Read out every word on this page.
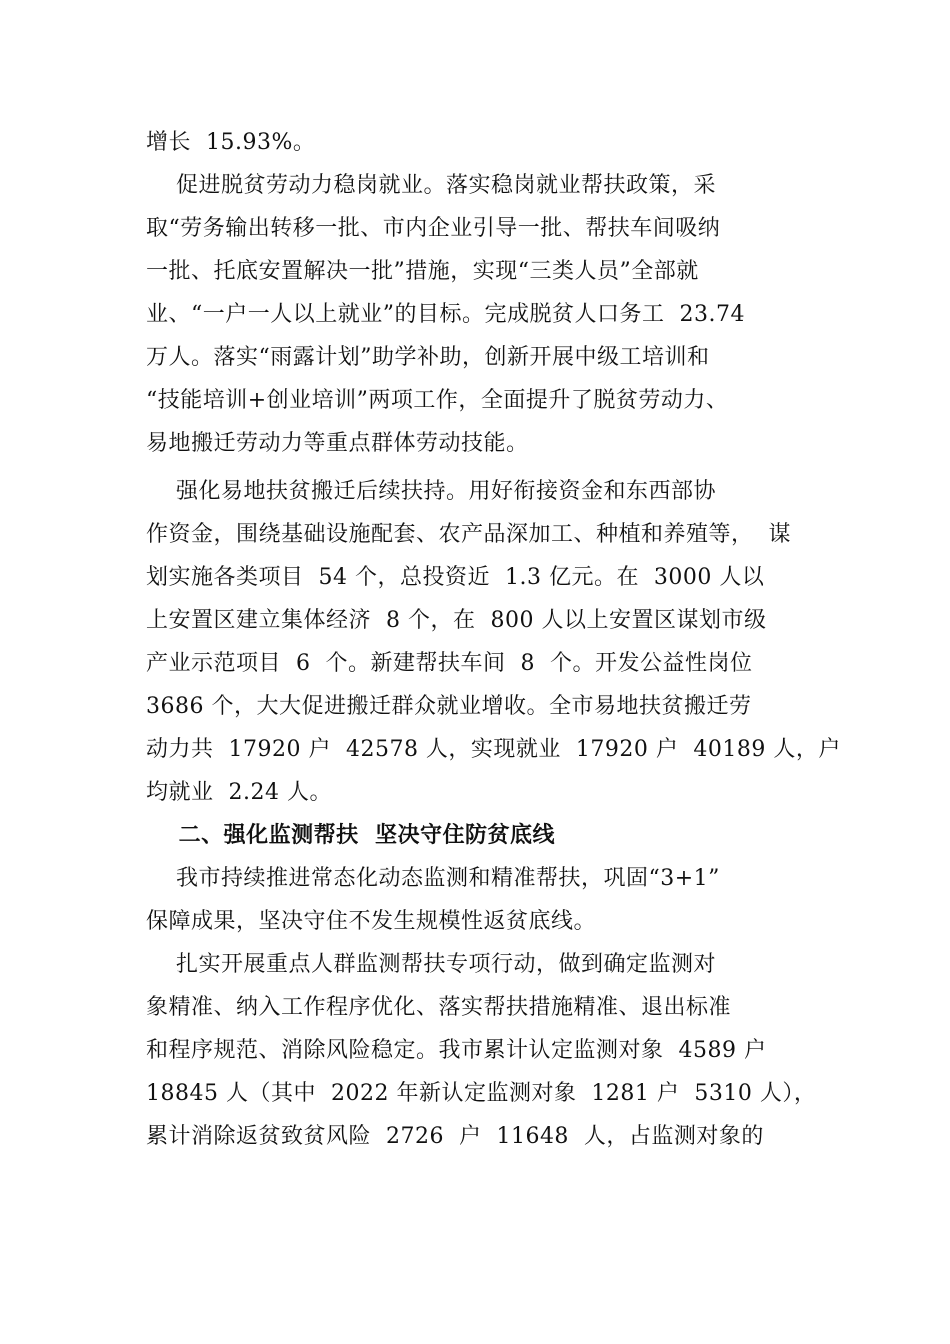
增长  15.93%。
促进脱贫劳动力稳岗就业。落实稳岗就业帮扶政策，采
取“劳务输出转移一批、市内企业引导一批、帮扶车间吸纳
一批、托底安置解决一批”措施，实现“三类人员”全部就
业、“一户一人以上就业”的目标。完成脱贫人口务工  23.74
万人。落实“雨露计划”助学补助，创新开展中级工培训和
“技能培训+创业培训”两项工作，全面提升了脱贫劳动力、
易地搬迁劳动力等重点群体劳动技能。
强化易地扶贫搬迁后续扶持。用好衔接资金和东西部协
作资金，围绕基础设施配套、农产品深加工、种植和养殖等，  谋
划实施各类项目  54 个，总投资近  1.3 亿元。在  3000 人以
上安置区建立集体经济  8 个，在  800 人以上安置区谋划市级
产业示范项目  6  个。新建帮扶车间  8  个。开发公益性岗位
3686 个，大大促进搬迁群众就业增收。全市易地扶贫搬迁劳
动力共  17920 户  42578 人，实现就业  17920 户  40189 人，户
均就业  2.24 人。
二、强化监测帮扶  坚决守住防贫底线
我市持续推进常态化动态监测和精准帮扶，巩固“3+1”
保障成果，坚决守住不发生规模性返贫底线。
扎实开展重点人群监测帮扶专项行动，做到确定监测对
象精准、纳入工作程序优化、落实帮扶措施精准、退出标准
和程序规范、消除风险稳定。我市累计认定监测对象  4589 户
18845 人（其中  2022 年新认定监测对象  1281 户  5310 人），
累计消除返贫致贫风险  2726  户  11648  人，占监测对象的
